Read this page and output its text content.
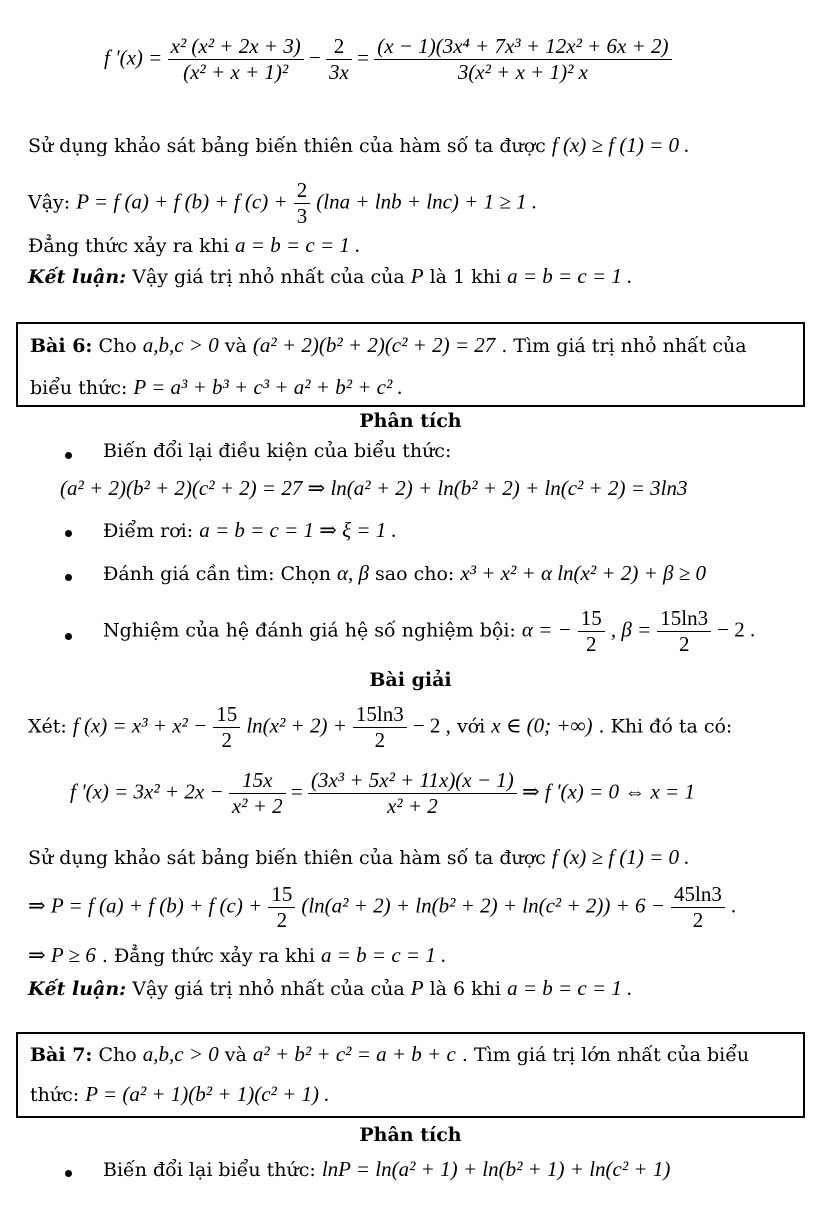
f '$(x) = \frac{\text{x² (x² + 2x + 3)}}{\text{(x² + x + 1)²}} - \frac{2}{3x} = \frac{\text{(x − 1)(3x⁴ + 7x³ + 12x² + 6x + 2)}}{\text{3(x² + x + 1)² x}}$
Sử dụng khảo sát bảng biến thiên của hàm số ta được f (x) ≥ f (1) = 0 .
Vậy: P = f (a) + f (b) + f $(c) + \frac{2}{3} (\ln a + \ln b + \ln c) + 1 \ge 1$ .
Đẳng thức xảy ra khi a = b = c = 1 .
Kết luận: Vậy giá trị nhỏ nhất của của P là 1 khi a = b = c = 1 .
Bài 6: Cho a,b,c > 0 và (a² + 2)(b² + 2)(c² + 2) = 27 . Tìm giá trị nhỏ nhất của
biểu thức: P = a³ + b³ + c³ + a² + b² + c² .
Phân tích
Biến đổi lại điều kiện của biểu thức:
(a² + 2)(b² + 2)(c² + 2) = 27 ⇒ ln(a² + 2) + ln(b² + 2) + ln(c² + 2) = 3ln3
Điểm rơi: a = b = c = 1 ⇒ ξ = 1 .
Đánh giá cần tìm: Chọn α, β sao cho: x³ + x² + α ln(x² + 2) + β ≥ 0
Nghiệm của hệ đánh giá hệ số nghiệm bội: α = − $\frac{15}{2}$ , $\beta = \frac{15\ln 3}{2} - 2$ .
Bài giải
Xét: f $(x) = x^3 + x^2 - \frac{15}{2} \ln(x^2 + 2) + \frac{15\ln 3}{2} - 2$ , với x ∈ (0; +∞) . Khi đó ta có:
f '$(x) = 3x^2 + 2x - \frac{15x}{\text{x² + 2}} = \frac{\text{(3x³ + 5x² + 11x)(x − 1)}}{\text{x² + 2}}$ ⇒ f '(x) = 0 ⇔ x = 1
Sử dụng khảo sát bảng biến thiên của hàm số ta được f (x) ≥ f (1) = 0 .
⇒ P = f (a) + f (b) + f $(c) + \frac{15}{2} (\ln(a^2 + 2) + \ln(b^2 + 2) + \ln(c^2 + 2)) + 6 - \frac{45\ln 3}{2}$ .
⇒ P ≥ 6 . Đẳng thức xảy ra khi a = b = c = 1 .
Kết luận: Vậy giá trị nhỏ nhất của của P là 6 khi a = b = c = 1 .
Bài 7: Cho a,b,c > 0 và a² + b² + c² = a + b + c . Tìm giá trị lớn nhất của biểu
thức: P = (a² + 1)(b² + 1)(c² + 1) .
Phân tích
Biến đổi lại biểu thức: lnP = ln(a² + 1) + ln(b² + 1) + ln(c² + 1)
